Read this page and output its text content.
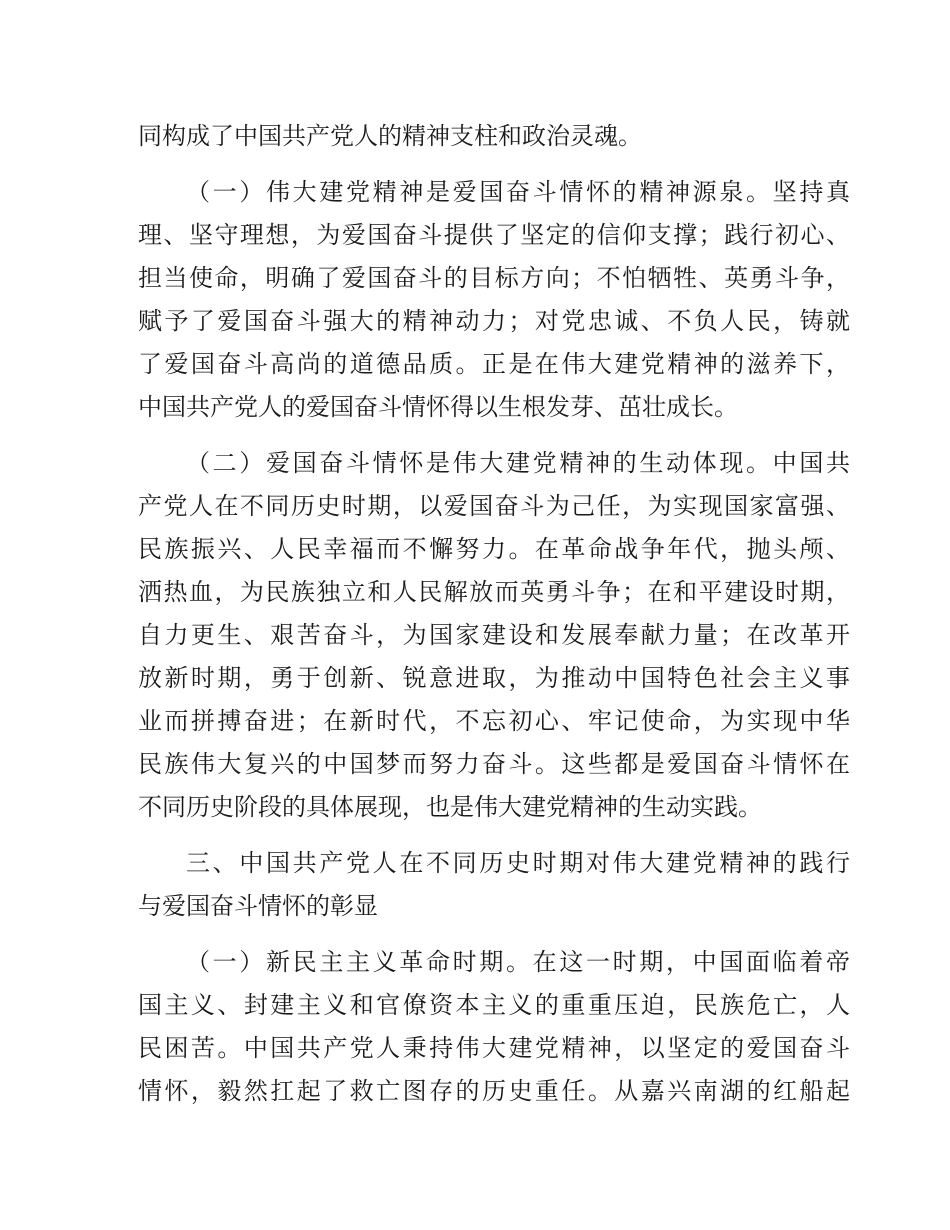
同构成了中国共产党人的精神支柱和政治灵魂。
（一）伟大建党精神是爱国奋斗情怀的精神源泉。坚持真
理、坚守理想，为爱国奋斗提供了坚定的信仰支撑；践行初心、
担当使命，明确了爱国奋斗的目标方向；不怕牺牲、英勇斗争，
赋予了爱国奋斗强大的精神动力；对党忠诚、不负人民，铸就
了爱国奋斗高尚的道德品质。正是在伟大建党精神的滋养下，
中国共产党人的爱国奋斗情怀得以生根发芽、茁壮成长。
（二）爱国奋斗情怀是伟大建党精神的生动体现。中国共
产党人在不同历史时期，以爱国奋斗为己任，为实现国家富强、
民族振兴、人民幸福而不懈努力。在革命战争年代，抛头颅、
洒热血，为民族独立和人民解放而英勇斗争；在和平建设时期，
自力更生、艰苦奋斗，为国家建设和发展奉献力量；在改革开
放新时期，勇于创新、锐意进取，为推动中国特色社会主义事
业而拼搏奋进；在新时代，不忘初心、牢记使命，为实现中华
民族伟大复兴的中国梦而努力奋斗。这些都是爱国奋斗情怀在
不同历史阶段的具体展现，也是伟大建党精神的生动实践。
三、中国共产党人在不同历史时期对伟大建党精神的践行
与爱国奋斗情怀的彰显
（一）新民主主义革命时期。在这一时期，中国面临着帝
国主义、封建主义和官僚资本主义的重重压迫，民族危亡，人
民困苦。中国共产党人秉持伟大建党精神，以坚定的爱国奋斗
情怀，毅然扛起了救亡图存的历史重任。从嘉兴南湖的红船起
